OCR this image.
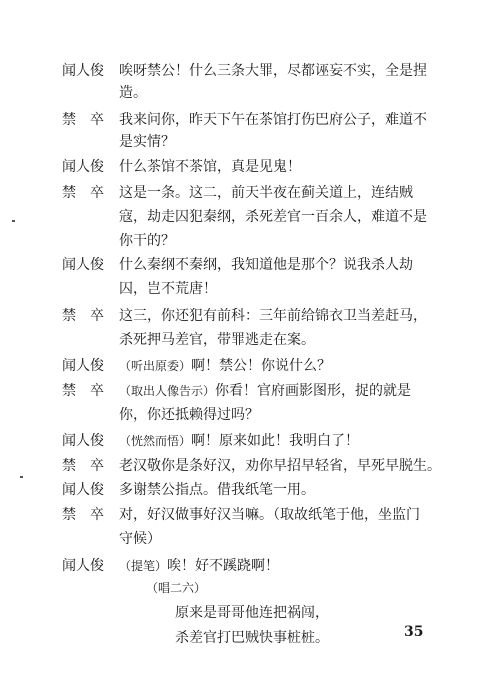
闻人俊 唉呀禁公！什么三条大罪，尽都诬妄不实，全是捏
造。
禁　卒 我来问你，昨天下午在茶馆打伤巴府公子，难道不
是实情？
闻人俊 什么茶馆不茶馆，真是见鬼！
禁　卒 这是一条。这二，前天半夜在蓟关道上，连结贼
寇，劫走囚犯秦纲，杀死差官一百余人，难道不是
你干的？
闻人俊 什么秦纲不秦纲，我知道他是那个？说我杀人劫
囚，岂不荒唐！
禁　卒 这三，你还犯有前科：三年前给锦衣卫当差赶马，
杀死押马差官，带罪逃走在案。
闻人俊 （听出原委）啊！禁公！你说什么？
禁　卒 （取出人像告示）你看！官府画影图形，捉的就是
你，你还抵赖得过吗？
闻人俊 （恍然而悟）啊！原来如此！我明白了！
禁　卒 老汉敬你是条好汉，劝你早招早轻省，早死早脱生。
闻人俊 多谢禁公指点。借我纸笔一用。
禁　卒 对，好汉做事好汉当嘛。（取故纸笔于他，坐监门
守候）
闻人俊 （提笔）唉！好不蹊跷啊！
（唱二六）
原来是哥哥他连把祸闯，
杀差官打巴贼快事桩桩。	35
